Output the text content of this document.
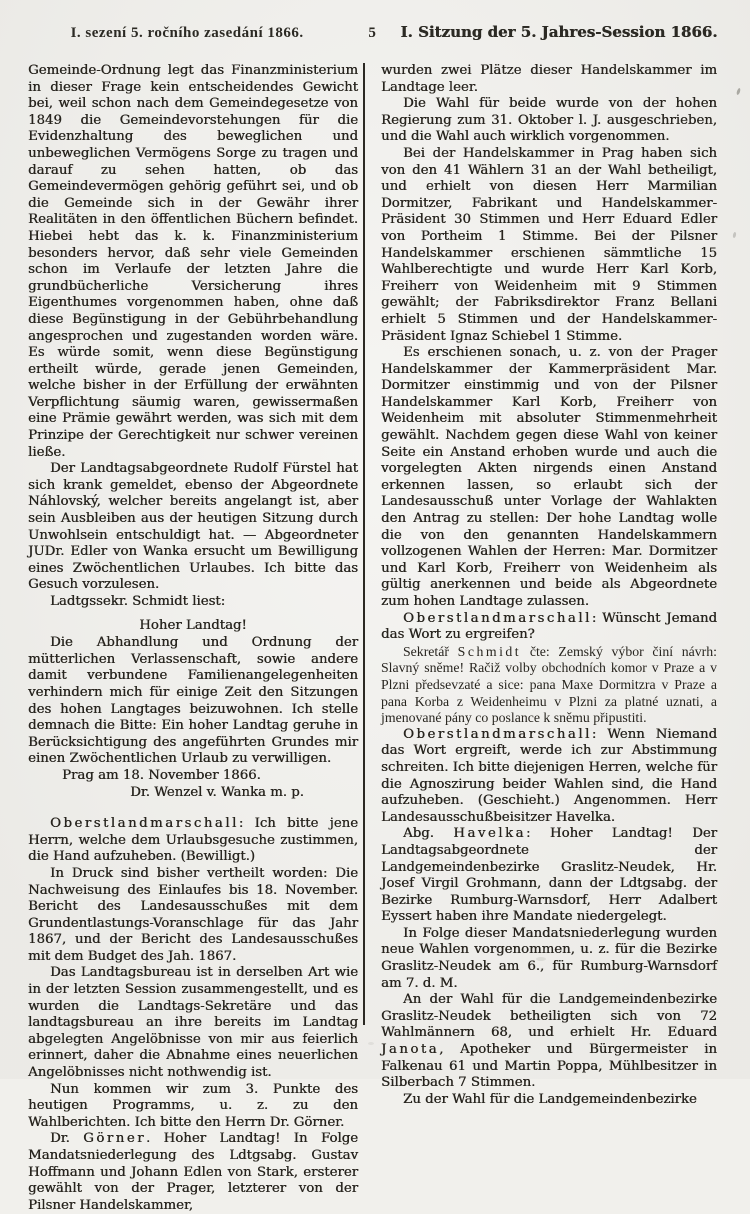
I. sezení 5. ročního zasedání 1866.	5	I. Sitzung der 5. Jahres-Session 1866.

Gemeinde-Ordnung legt das Finanzministerium in dieser Frage kein entscheidendes Gewicht bei, weil schon nach dem Gemeindegesetze von 1849 die Gemeindevorstehungen für die Evidenzhaltung des beweglichen und unbeweglichen Vermögens Sorge zu tragen und darauf zu sehen hatten, ob das Gemeindevermögen gehörig geführt sei, und ob die Gemeinde sich in der Gewähr ihrer Realitäten in den öffentlichen Büchern befindet. Hiebei hebt das k. k. Finanzministerium besonders hervor, daß sehr viele Gemeinden schon im Verlaufe der letzten Jahre die grundbücherliche Versicherung ihres Eigenthumes vorgenommen haben, ohne daß diese Begünstigung in der Gebührbehandlung angesprochen und zugestanden worden wäre. Es würde somit, wenn diese Begünstigung ertheilt würde, gerade jenen Gemeinden, welche bisher in der Erfüllung der erwähnten Verpflichtung säumig waren, gewissermaßen eine Prämie gewährt werden, was sich mit dem Prinzipe der Gerechtigkeit nur schwer vereinen ließe.

Der Landtagsabgeordnete Rudolf Fürstel hat sich krank gemeldet, ebenso der Abgeordnete Náhlovský, welcher bereits angelangt ist, aber sein Ausbleiben aus der heutigen Sitzung durch Unwohlsein entschuldigt hat. — Abgeordneter JUDr. Edler von Wanka ersucht um Bewilligung eines Zwöchentlichen Urlaubes. Ich bitte das Gesuch vorzulesen.

Ladtgssekr. Schmidt liest:

Hoher Landtag!

Die Abhandlung und Ordnung der mütterlichen Verlassenschaft, sowie andere damit verbundene Familienangelegenheiten verhindern mich für einige Zeit den Sitzungen des hohen Langtages beizuwohnen. Ich stelle demnach die Bitte: Ein hoher Landtag geruhe in Berücksichtigung des angeführten Grundes mir einen Zwöchentlichen Urlaub zu verwilligen.

Prag am 18. November 1866.

Dr. Wenzel v. Wanka m. p.

Oberstlandmarschall: Ich bitte jene Herrn, welche dem Urlaubsgesuche zustimmen, die Hand aufzuheben. (Bewilligt.)

In Druck sind bisher vertheilt worden: Die Nachweisung des Einlaufes bis 18. November. Bericht des Landesausschußes mit dem Grundentlastungs-Voranschlage für das Jahr 1867, und der Bericht des Landesausschußes mit dem Budget des Jah. 1867.

Das Landtagsbureau ist in derselben Art wie in der letzten Session zusammengestellt, und es wurden die Landtags-Sekretäre und das landtagsbureau an ihre bereits im Landtag abgelegten Angelöbnisse von mir aus feierlich erinnert, daher die Abnahme eines neuerlichen Angelöbnisses nicht nothwendig ist.

Nun kommen wir zum 3. Punkte des heutigen Programms, u. z. zu den Wahlberichten. Ich bitte den Herrn Dr. Görner.

Dr. Görner. Hoher Landtag! In Folge Mandatsniederlegung des Ldtgsabg. Gustav Hoffmann und Johann Edlen von Stark, ersterer gewählt von der Prager, letzterer von der Pilsner Handelskammer,

wurden zwei Plätze dieser Handelskammer im Landtage leer.

Die Wahl für beide wurde von der hohen Regierung zum 31. Oktober l. J. ausgeschrieben, und die Wahl auch wirklich vorgenommen.

Bei der Handelskammer in Prag haben sich von den 41 Wählern 31 an der Wahl betheiligt, und erhielt von diesen Herr Marmilian Dormitzer, Fabrikant und Handelskammer-Präsident 30 Stimmen und Herr Eduard Edler von Portheim 1 Stimme. Bei der Pilsner Handelskammer erschienen sämmtliche 15 Wahlberechtigte und wurde Herr Karl Korb, Freiherr von Weidenheim mit 9 Stimmen gewählt; der Fabriksdirektor Franz Bellani erhielt 5 Stimmen und der Handelskammer-Präsident Ignaz Schiebel 1 Stimme.

Es erschienen sonach, u. z. von der Prager Handelskammer der Kammerpräsident Mar. Dormitzer einstimmig und von der Pilsner Handelskammer Karl Korb, Freiherr von Weidenheim mit absoluter Stimmenmehrheit gewählt. Nachdem gegen diese Wahl von keiner Seite ein Anstand erhoben wurde und auch die vorgelegten Akten nirgends einen Anstand erkennen lassen, so erlaubt sich der Landesausschuß unter Vorlage der Wahlakten den Antrag zu stellen: Der hohe Landtag wolle die von den genannten Handelskammern vollzogenen Wahlen der Herren: Mar. Dormitzer und Karl Korb, Freiherr von Weidenheim als gültig anerkennen und beide als Abgeordnete zum hohen Landtage zulassen.

Oberstlandmarschall: Wünscht Jemand das Wort zu ergreifen?

Sekretář Schmidt čte: Zemský výbor činí návrh: Slavný sněme! Račiž volby obchodních komor v Praze a v Plzni předsevzaté a sice: pana Maxe Dormitzra v Praze a pana Korba z Weidenheimu v Plzni za platné uznati, a jmenované pány co poslance k sněmu připustiti.

Oberstlandmarschall: Wenn Niemand das Wort ergreift, werde ich zur Abstimmung schreiten. Ich bitte diejenigen Herren, welche für die Agnoszirung beider Wahlen sind, die Hand aufzuheben. (Geschieht.) Angenommen. Herr Landesausschußbeisitzer Havelka.

Abg. Havelka: Hoher Landtag! Der Landtagsabgeordnete der Landgemeindenbezirke Graslitz-Neudek, Hr. Josef Virgil Grohmann, dann der Ldtgsabg. der Bezirke Rumburg-Warnsdorf, Herr Adalbert Eyssert haben ihre Mandate niedergelegt.

In Folge dieser Mandatsniederlegung wurden neue Wahlen vorgenommen, u. z. für die Bezirke Graslitz-Neudek am 6., für Rumburg-Warnsdorf am 7. d. M.

An der Wahl für die Landgemeindenbezirke Graslitz-Neudek betheiligten sich von 72 Wahlmännern 68, und erhielt Hr. Eduard Janota, Apotheker und Bürgermeister in Falkenau 61 und Martin Poppa, Mühlbesitzer in Silberbach 7 Stimmen.

Zu der Wahl für die Landgemeindenbezirke
